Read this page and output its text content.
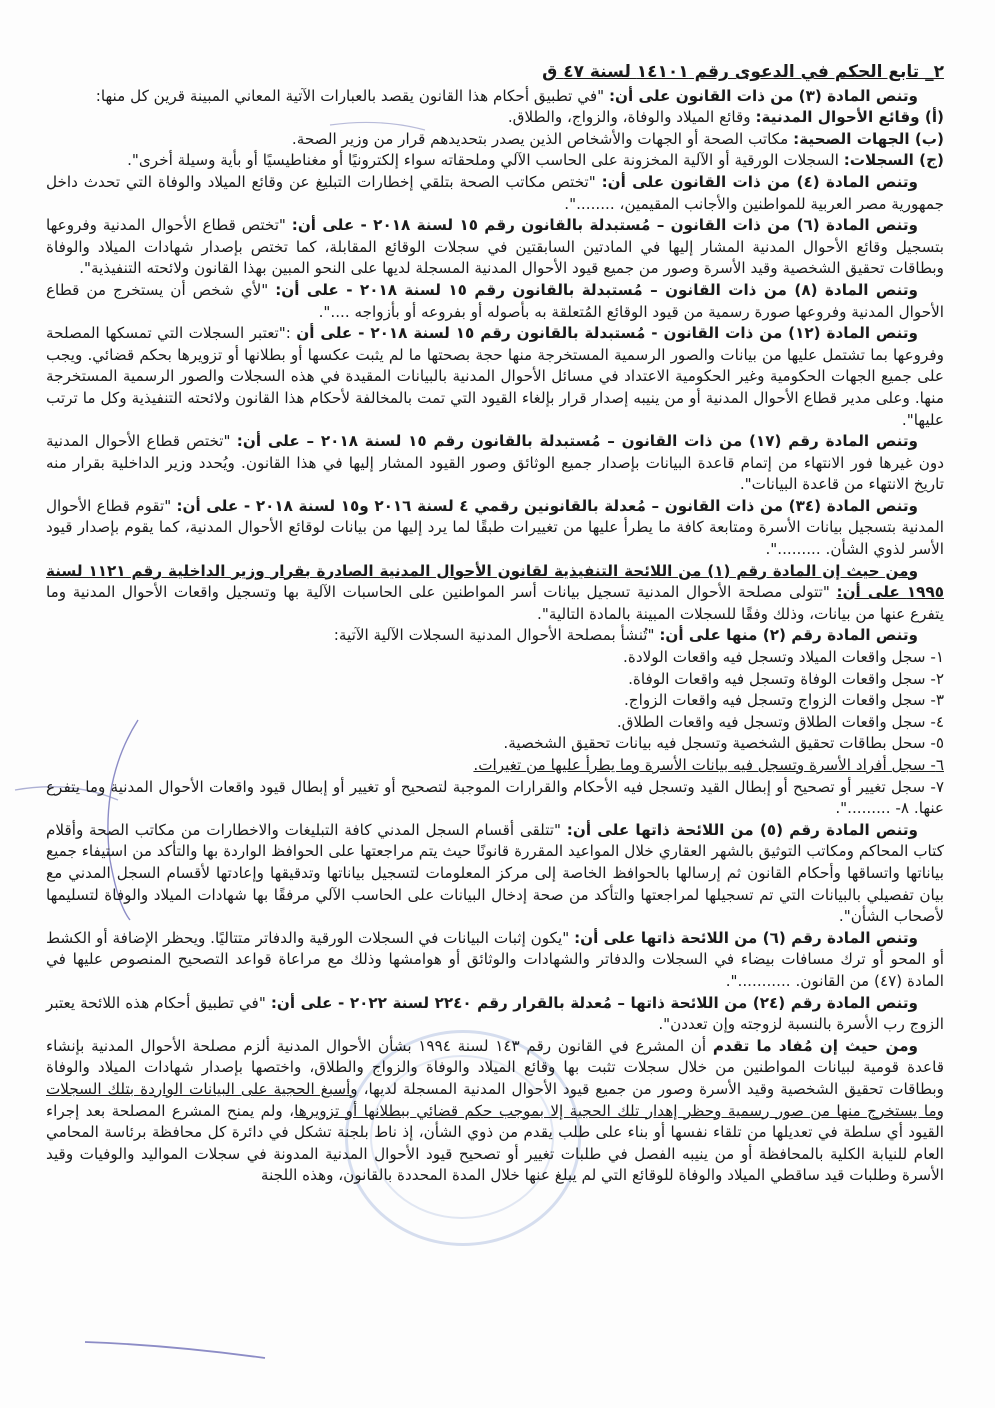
٢_ تابع الحكم في الدعوى رقم ١٤١٠١ لسنة ٤٧ ق

وتنص المادة (٣) من ذات القانون على أن: "في تطبيق أحكام هذا القانون يقصد بالعبارات الآتية المعاني المبينة قرين كل منها:

(أ) وقائع الأحوال المدنية: وقائع الميلاد والوفاة، والزواج، والطلاق.

(ب) الجهات الصحية: مكاتب الصحة أو الجهات والأشخاص الذين يصدر بتحديدهم قرار من وزير الصحة.

(ج) السجلات: السجلات الورقية أو الآلية المخزونة على الحاسب الآلي وملحقاته سواء إلكترونيًا أو مغناطيسيًا أو بأية وسيلة أخرى".

وتنص المادة (٤) من ذات القانون على أن: "تختص مكاتب الصحة بتلقي إخطارات التبليغ عن وقائع الميلاد والوفاة التي تحدث داخل جمهورية مصر العربية للمواطنين والأجانب المقيمين، ........".

وتنص المادة (٦) من ذات القانون – مُستبدلة بالقانون رقم ١٥ لسنة ٢٠١٨ - على أن: "تختص قطاع الأحوال المدنية وفروعها بتسجيل وقائع الأحوال المدنية المشار إليها في المادتين السابقتين في سجلات الوقائع المقابلة، كما تختص بإصدار شهادات الميلاد والوفاة وبطاقات تحقيق الشخصية وقيد الأسرة وصور من جميع قيود الأحوال المدنية المسجلة لديها على النحو المبين بهذا القانون ولائحته التنفيذية".

وتنص المادة (٨) من ذات القانون – مُستبدلة بالقانون رقم ١٥ لسنة ٢٠١٨ - على أن: "لأي شخص أن يستخرج من قطاع الأحوال المدنية وفروعها صورة رسمية من قيود الوقائع المُتعلقة به بأصوله أو بفروعه أو بأزواجه ....".

وتنص المادة (١٢) من ذات القانون - مُستبدلة بالقانون رقم ١٥ لسنة ٢٠١٨ - على أن :"تعتبر السجلات التي تمسكها المصلحة وفروعها بما تشتمل عليها من بيانات والصور الرسمية المستخرجة منها حجة بصحتها ما لم يثبت عكسها أو بطلانها أو تزويرها بحكم قضائي. ويجب على جميع الجهات الحكومية وغير الحكومية الاعتداد في مسائل الأحوال المدنية بالبيانات المقيدة في هذه السجلات والصور الرسمية المستخرجة منها. وعلى مدير قطاع الأحوال المدنية أو من ينيبه إصدار قرار بإلغاء القيود التي تمت بالمخالفة لأحكام هذا القانون ولائحته التنفيذية وكل ما ترتب عليها".

وتنص المادة رقم (١٧) من ذات القانون – مُستبدلة بالقانون رقم ١٥ لسنة ٢٠١٨ – على أن: "تختص قطاع الأحوال المدنية دون غيرها فور الانتهاء من إتمام قاعدة البيانات بإصدار جميع الوثائق وصور القيود المشار إليها في هذا القانون. ويُحدد وزير الداخلية بقرار منه تاريخ الانتهاء من قاعدة البيانات".

وتنص المادة (٣٤) من ذات القانون – مُعدلة بالقانونين رقمي ٤ لسنة ٢٠١٦ و١٥ لسنة ٢٠١٨ - على أن: "تقوم قطاع الأحوال المدنية بتسجيل بيانات الأسرة ومتابعة كافة ما يطرأ عليها من تغييرات طبقًا لما يرد إليها من بيانات لوقائع الأحوال المدنية، كما يقوم بإصدار قيود الأسر لذوي الشأن. .........".

ومن حيث إن المادة رقم (١) من اللائحة التنفيذية لقانون الأحوال المدنية الصادرة بقرار وزير الداخلية رقم ١١٢١ لسنة ١٩٩٥ على أن: "تتولى مصلحة الأحوال المدنية تسجيل بيانات أسر المواطنين على الحاسبات الآلية بها وتسجيل واقعات الأحوال المدنية وما يتفرع عنها من بيانات، وذلك وفقًا للسجلات المبينة بالمادة التالية".

وتنص المادة رقم (٢) منها على أن: "تُنشأ بمصلحة الأحوال المدنية السجلات الآلية الآتية:

١- سجل واقعات الميلاد وتسجل فيه واقعات الولادة.

٢- سجل واقعات الوفاة وتسجل فيه واقعات الوفاة.

٣- سجل واقعات الزواج وتسجل فيه واقعات الزواج.

٤- سجل واقعات الطلاق وتسجل فيه واقعات الطلاق.

٥- سحل بطاقات تحقيق الشخصية وتسجل فيه بيانات تحقيق الشخصية.

٦- سجل أفراد الأسرة وتسجل فيه بيانات الأسرة وما يطرأ عليها من تغيرات.

٧- سجل تغيير أو تصحيح أو إبطال القيد وتسجل فيه الأحكام والقرارات الموجبة لتصحيح أو تغيير أو إبطال قيود واقعات الأحوال المدنية وما يتفرع عنها. ٨- .........".

وتنص المادة رقم (٥) من اللائحة ذاتها على أن: "تتلقى أقسام السجل المدني كافة التبليغات والاخطارات من مكاتب الصحة وأقلام كتاب المحاكم ومكاتب التوثيق بالشهر العقاري خلال المواعيد المقررة قانونًا حيث يتم مراجعتها على الحوافظ الواردة بها والتأكد من استيفاء جميع بياناتها واتساقها وأحكام القانون ثم إرسالها بالحوافظ الخاصة إلى مركز المعلومات لتسجيل بياناتها وتدقيقها وإعادتها لأقسام السجل المدني مع بيان تفصيلي بالبيانات التي تم تسجيلها لمراجعتها والتأكد من صحة إدخال البيانات على الحاسب الآلي مرفقًا بها شهادات الميلاد والوفاة لتسليمها لأصحاب الشأن".

وتنص المادة رقم (٦) من اللائحة ذاتها على أن: "يكون إثبات البيانات في السجلات الورقية والدفاتر متتاليًا. ويحظر الإضافة أو الكشط أو المحو أو ترك مسافات بيضاء في السجلات والدفاتر والشهادات والوثائق أو هوامشها وذلك مع مراعاة قواعد التصحيح المنصوص عليها في المادة (٤٧) من القانون. ...........".

وتنص المادة رقم (٢٤) من اللائحة ذاتها – مُعدلة بالقرار رقم ٢٢٤٠ لسنة ٢٠٢٢ - على أن: "في تطبيق أحكام هذه اللائحة يعتبر الزوج رب الأسرة بالنسبة لزوجته وإن تعددن".

ومن حيث إن مُفاد ما تقدم أن المشرع في القانون رقم ١٤٣ لسنة ١٩٩٤ بشأن الأحوال المدنية ألزم مصلحة الأحوال المدنية بإنشاء قاعدة قومية لبيانات المواطنين من خلال سجلات تثبت بها وقائع الميلاد والوفاة والزواج والطلاق، واختصها بإصدار شهادات الميلاد والوفاة وبطاقات تحقيق الشخصية وقيد الأسرة وصور من جميع قيود الأحوال المدنية المسجلة لديها، وأسبغ الحجية على البيانات الواردة بتلك السجلات وما يستخرج منها من صور رسمية وحظر إهدار تلك الحجية إلا بموجب حكم قضائي ببطلانها أو تزويرها، ولم يمنح المشرع المصلحة بعد إجراء القيود أي سلطة في تعديلها من تلقاء نفسها أو بناء على طلب يقدم من ذوي الشأن، إذ ناط بلجنة تشكل في دائرة كل محافظة برئاسة المحامي العام للنيابة الكلية بالمحافظة أو من ينيبه الفصل في طلبات تغيير أو تصحيح قيود الأحوال المدنية المدونة في سجلات المواليد والوفيات وقيد الأسرة وطلبات قيد ساقطي الميلاد والوفاة للوقائع التي لم يبلغ عنها خلال المدة المحددة بالقانون، وهذه اللجنة
